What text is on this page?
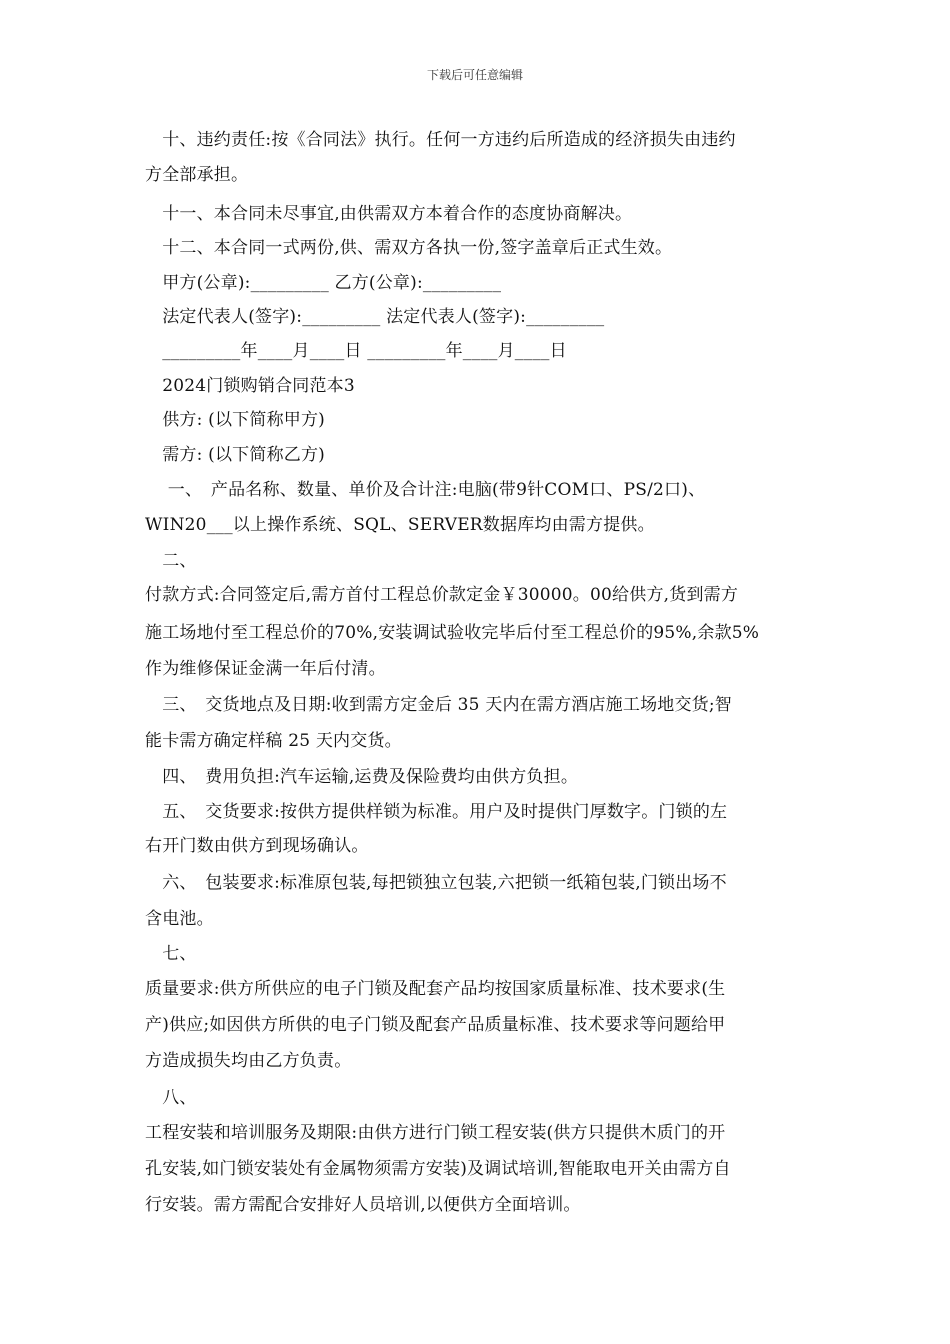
下载后可任意编辑
　十、违约责任:按《合同法》执行。任何一方违约后所造成的经济损失由违约
方全部承担。
　十一、本合同未尽事宜,由供需双方本着合作的态度协商解决。
　十二、本合同一式两份,供、需双方各执一份,签字盖章后正式生效。
　甲方(公章):_________ 乙方(公章):_________
　法定代表人(签字):_________ 法定代表人(签字):_________
　_________年____月____日 _________年____月____日
　2024门锁购销合同范本3
　供方: (以下简称甲方)
　需方: (以下简称乙方)
　 一、　产品名称、数量、单价及合计注:电脑(带9针COM口、PS/2口)、
WIN20___以上操作系统、SQL、SERVER数据库均由需方提供。
　二、
付款方式:合同签定后,需方首付工程总价款定金￥30000。00给供方,货到需方
施工场地付至工程总价的70%,安装调试验收完毕后付至工程总价的95%,余款5%
作为维修保证金满一年后付清。
　三、　交货地点及日期:收到需方定金后 35 天内在需方酒店施工场地交货;智
能卡需方确定样稿 25 天内交货。
　四、　费用负担:汽车运输,运费及保险费均由供方负担。
　五、　交货要求:按供方提供样锁为标准。用户及时提供门厚数字。门锁的左
右开门数由供方到现场确认。
　六、　包装要求:标准原包装,每把锁独立包装,六把锁一纸箱包装,门锁出场不
含电池。
　七、
质量要求:供方所供应的电子门锁及配套产品均按国家质量标准、技术要求(生
产)供应;如因供方所供的电子门锁及配套产品质量标准、技术要求等问题给甲
方造成损失均由乙方负责。
　八、
工程安装和培训服务及期限:由供方进行门锁工程安装(供方只提供木质门的开
孔安装,如门锁安装处有金属物须需方安装)及调试培训,智能取电开关由需方自
行安装。需方需配合安排好人员培训,以便供方全面培训。
